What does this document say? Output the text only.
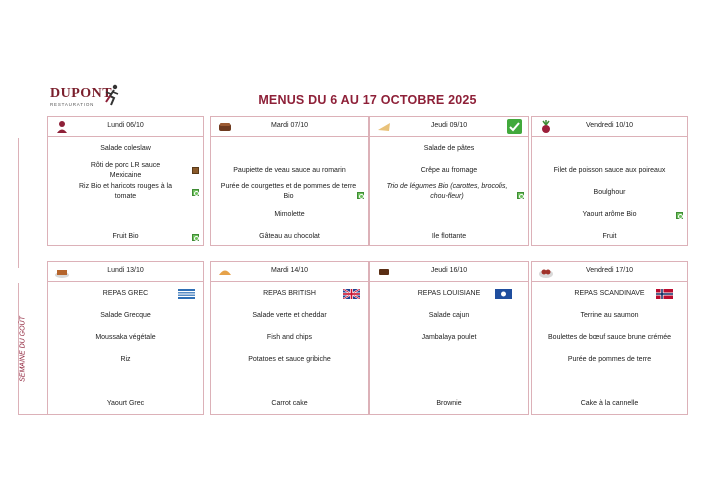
DUPONT
RESTAURATION	MENUS DU 6 AU 17 OCTOBRE 2025
Lundi 06/10
Salade coleslaw
Rôti de porc LR sauce Mexicaine
Riz Bio et haricots rouges à la tomate
Fruit Bio
Mardi 07/10
Paupiette de veau sauce au romarin
Purée de courgettes et de pommes de terre Bio
Mimolette
Gâteau au chocolat
Jeudi 09/10
Salade de pâtes
Crêpe au fromage
Trio de légumes Bio (carottes, brocolis, chou-fleur)
Ile flottante
Vendredi 10/10
Filet de poisson sauce aux poireaux
Boulghour
Yaourt arôme Bio
Fruit
SEMAINE DU GOÛT
Lundi 13/10
REPAS GREC
Salade Grecque
Moussaka végétale
Riz
Yaourt Grec
Mardi 14/10
REPAS BRITISH
Salade verte et cheddar
Fish and chips
Potatoes et sauce gribiche
Carrot cake
Jeudi 16/10
REPAS LOUISIANE
Salade cajun
Jambalaya poulet
Brownie
Vendredi 17/10
REPAS SCANDINAVE
Terrine au saumon
Boulettes de bœuf sauce brune crémée
Purée de pommes de terre
Cake à la cannelle
